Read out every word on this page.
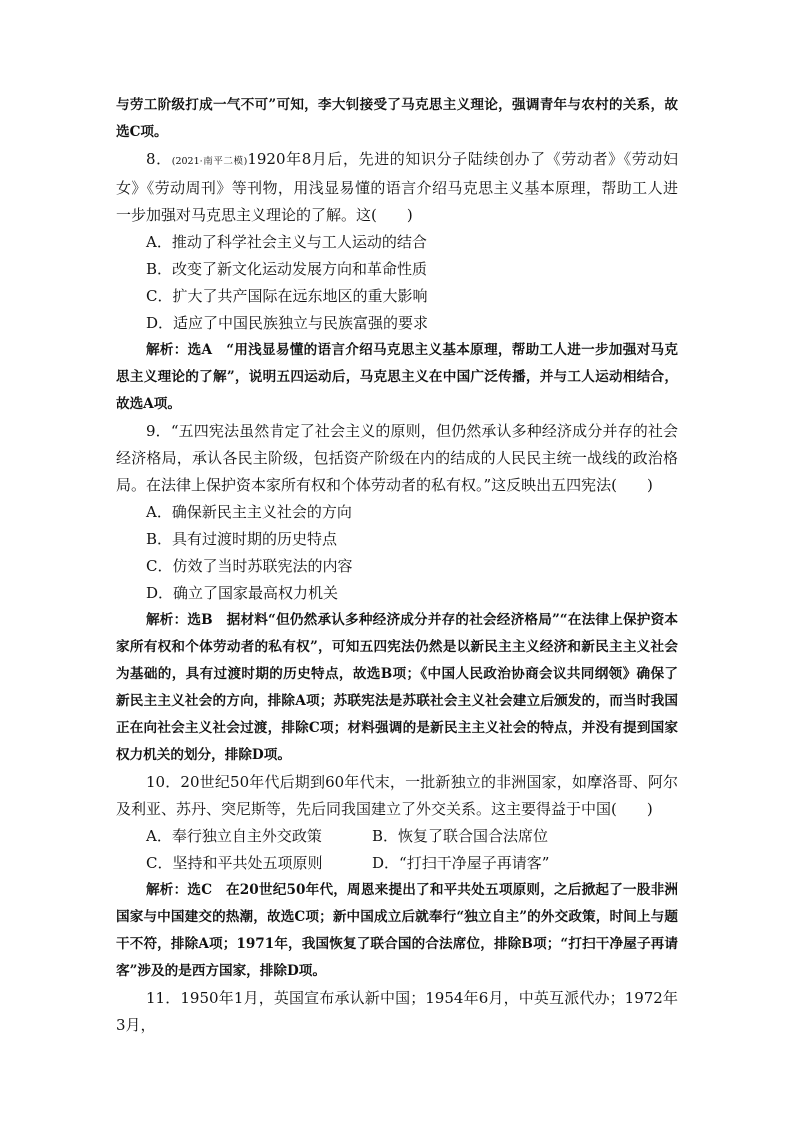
与劳工阶级打成一气不可”可知，李大钊接受了马克思主义理论，强调青年与农村的关系，故选C项。

8．(2021·南平二模)1920年8月后，先进的知识分子陆续创办了《劳动者》《劳动妇女》《劳动周刊》等刊物，用浅显易懂的语言介绍马克思主义基本原理，帮助工人进一步加强对马克思主义理论的了解。这(　　)

A．推动了科学社会主义与工人运动的结合

B．改变了新文化运动发展方向和革命性质

C．扩大了共产国际在远东地区的重大影响

D．适应了中国民族独立与民族富强的要求

解析：选A　“用浅显易懂的语言介绍马克思主义基本原理，帮助工人进一步加强对马克思主义理论的了解”，说明五四运动后，马克思主义在中国广泛传播，并与工人运动相结合，故选A项。

9．“五四宪法虽然肯定了社会主义的原则，但仍然承认多种经济成分并存的社会经济格局，承认各民主阶级，包括资产阶级在内的结成的人民民主统一战线的政治格局。在法律上保护资本家所有权和个体劳动者的私有权。”这反映出五四宪法(　　)

A．确保新民主主义社会的方向

B．具有过渡时期的历史特点

C．仿效了当时苏联宪法的内容

D．确立了国家最高权力机关

解析：选B　据材料“但仍然承认多种经济成分并存的社会经济格局”“在法律上保护资本家所有权和个体劳动者的私有权”，可知五四宪法仍然是以新民主主义经济和新民主主义社会为基础的，具有过渡时期的历史特点，故选B项；《中国人民政治协商会议共同纲领》确保了新民主主义社会的方向，排除A项；苏联宪法是苏联社会主义社会建立后颁发的，而当时我国正在向社会主义社会过渡，排除C项；材料强调的是新民主主义社会的特点，并没有提到国家权力机关的划分，排除D项。

10．20世纪50年代后期到60年代末，一批新独立的非洲国家，如摩洛哥、阿尔及利亚、苏丹、突尼斯等，先后同我国建立了外交关系。这主要得益于中国(　　)

A．奉行独立自主外交政策	B．恢复了联合国合法席位
C．坚持和平共处五项原则	D．“打扫干净屋子再请客”

解析：选C　在20世纪50年代，周恩来提出了和平共处五项原则，之后掀起了一股非洲国家与中国建交的热潮，故选C项；新中国成立后就奉行“独立自主”的外交政策，时间上与题干不符，排除A项；1971年，我国恢复了联合国的合法席位，排除B项；“打扫干净屋子再请客”涉及的是西方国家，排除D项。

11．1950年1月，英国宣布承认新中国；1954年6月，中英互派代办；1972年3月，
